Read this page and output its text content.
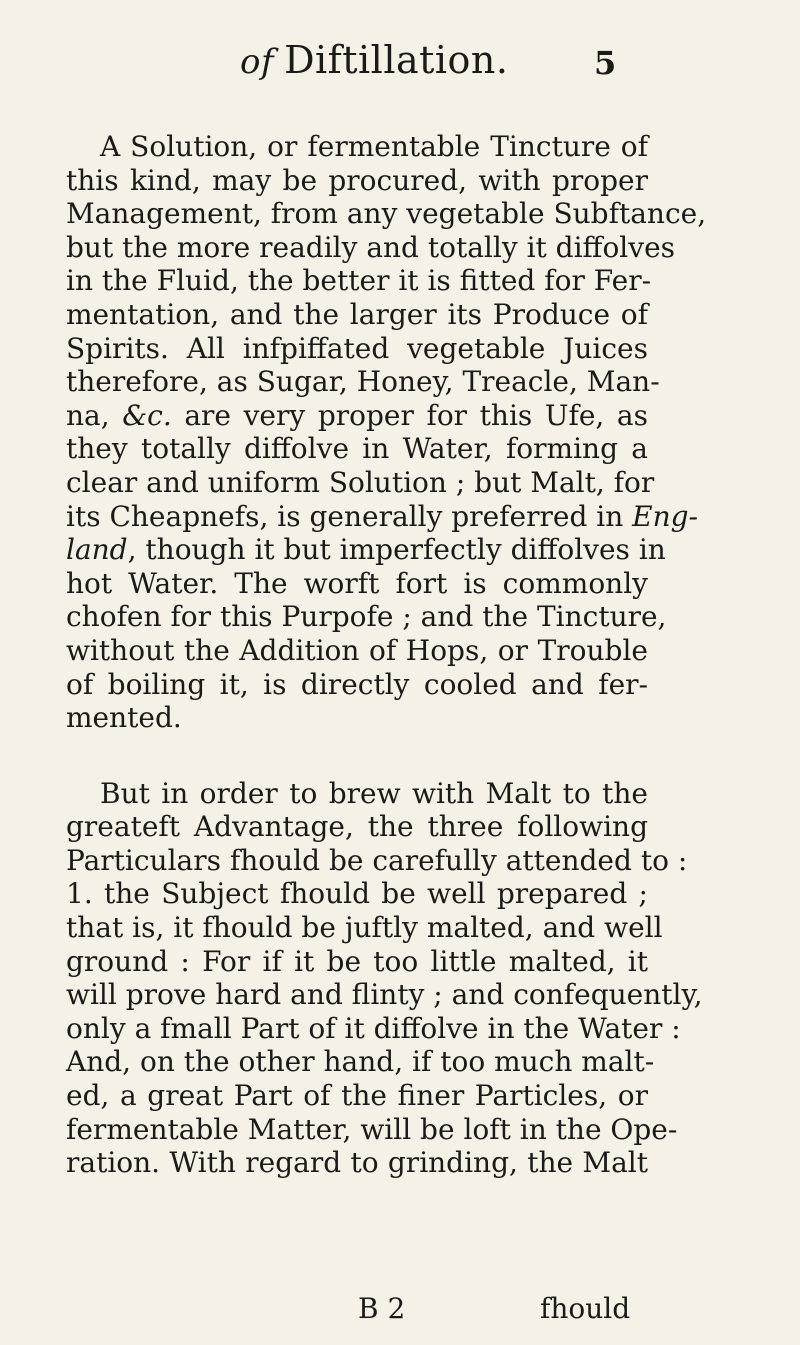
of Diftillation.	5
A Solution, or fermentable Tincture of
this kind, may be procured, with proper
Management, from any vegetable Subftance,
but the more readily and totally it diffolves
in the Fluid, the better it is fitted for Fer-
mentation, and the larger its Produce of
Spirits. All infpiffated vegetable Juices
therefore, as Sugar, Honey, Treacle, Man-
na, &c. are very proper for this Ufe, as
they totally diffolve in Water, forming a
clear and uniform Solution ; but Malt, for
its Cheapnefs, is generally preferred in Eng-
land, though it but imperfectly diffolves in
hot Water. The worft fort is commonly
chofen for this Purpofe ; and the Tincture,
without the Addition of Hops, or Trouble
of boiling it, is directly cooled and fer-
mented.
But in order to brew with Malt to the
greateft Advantage, the three following
Particulars fhould be carefully attended to :
1. the Subject fhould be well prepared ;
that is, it fhould be juftly malted, and well
ground : For if it be too little malted, it
will prove hard and flinty ; and confequently,
only a fmall Part of it diffolve in the Water :
And, on the other hand, if too much malt-
ed, a great Part of the finer Particles, or
fermentable Matter, will be loft in the Ope-
ration. With regard to grinding, the Malt
B 2	fhould
